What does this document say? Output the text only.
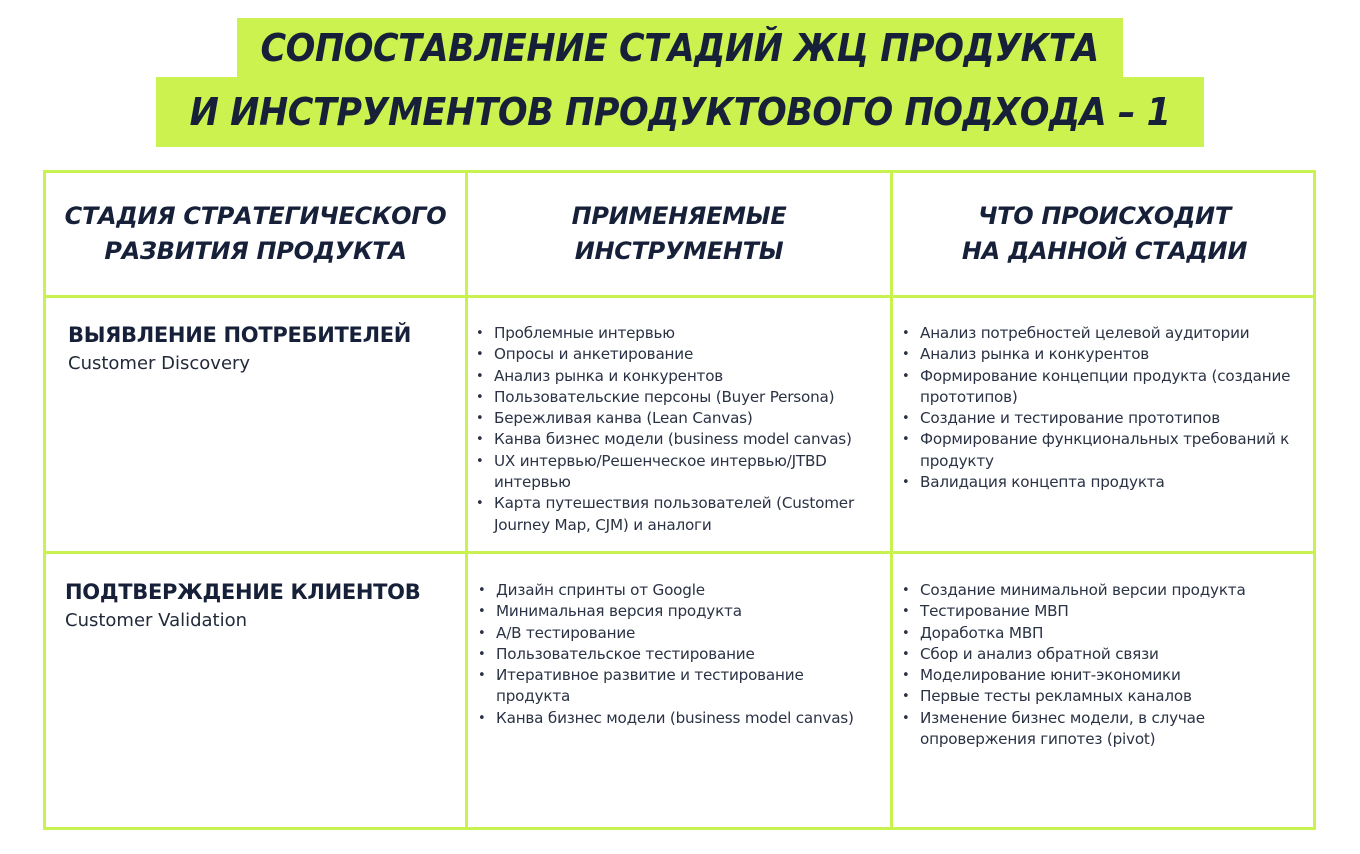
СОПОСТАВЛЕНИЕ СТАДИЙ ЖЦ ПРОДУКТА
И ИНСТРУМЕНТОВ ПРОДУКТОВОГО ПОДХОДА – 1
СТАДИЯ СТРАТЕГИЧЕСКОГО
РАЗВИТИЯ ПРОДУКТА
ПРИМЕНЯЕМЫЕ
ИНСТРУМЕНТЫ
ЧТО ПРОИСХОДИТ
НА ДАННОЙ СТАДИИ
ВЫЯВЛЕНИЕ ПОТРЕБИТЕЛЕЙ
Customer Discovery
• Проблемные интервью
• Опросы и анкетирование
• Анализ рынка и конкурентов
• Пользовательские персоны (Buyer Persona)
• Бережливая канва (Lean Canvas)
• Канва бизнес модели (business model canvas)
• UX интервью/Решенческое интервью/JTBD интервью
• Карта путешествия пользователей (Customer Journey Map, CJM) и аналоги
• Анализ потребностей целевой аудитории
• Анализ рынка и конкурентов
• Формирование концепции продукта (создание прототипов)
• Создание и тестирование прототипов
• Формирование функциональных требований к продукту
• Валидация концепта продукта
ПОДТВЕРЖДЕНИЕ КЛИЕНТОВ
Customer Validation
• Дизайн спринты от Google
• Минимальная версия продукта
• A/B тестирование
• Пользовательское тестирование
• Итеративное развитие и тестирование продукта
• Канва бизнес модели (business model canvas)
• Создание минимальной версии продукта
• Тестирование МВП
• Доработка МВП
• Сбор и анализ обратной связи
• Моделирование юнит-экономики
• Первые тесты рекламных каналов
• Изменение бизнес модели, в случае опровержения гипотез (pivot)
